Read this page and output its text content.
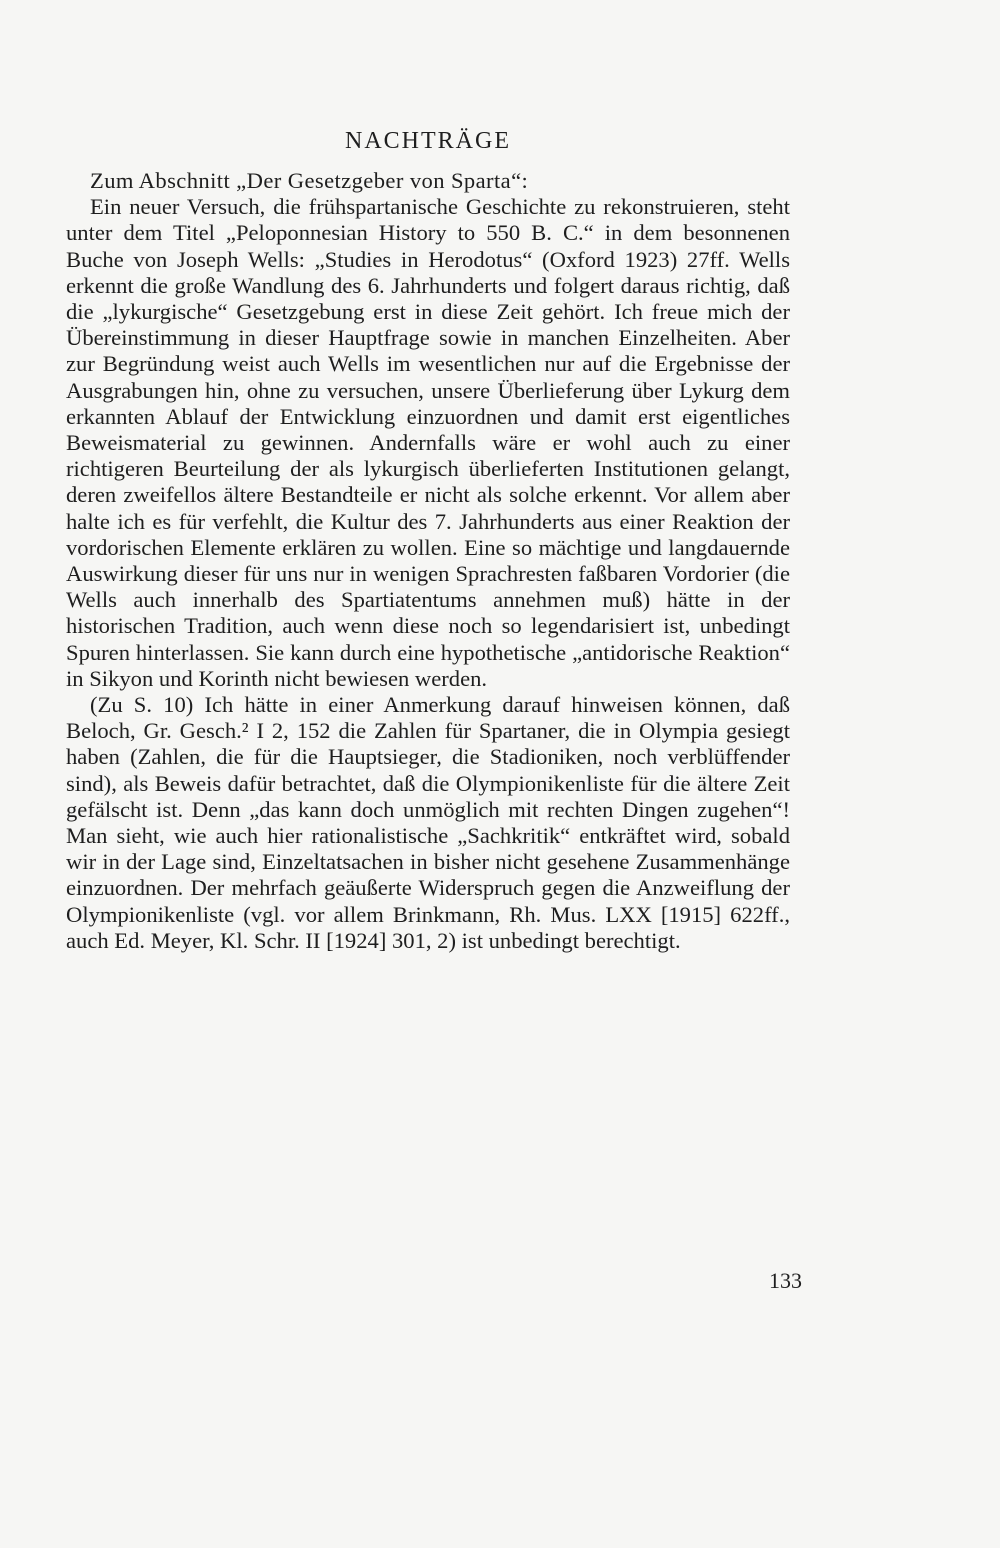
NACHTRÄGE

Zum Abschnitt „Der Gesetzgeber von Sparta“:

Ein neuer Versuch, die frühspartanische Geschichte zu rekonstruieren, steht unter dem Titel „Peloponnesian History to 550 B. C.“ in dem besonnenen Buche von Joseph Wells: „Studies in Herodotus“ (Oxford 1923) 27ff. Wells erkennt die große Wandlung des 6. Jahrhunderts und folgert daraus richtig, daß die „lykurgische“ Gesetzgebung erst in diese Zeit gehört. Ich freue mich der Übereinstimmung in dieser Hauptfrage sowie in manchen Einzelheiten. Aber zur Begründung weist auch Wells im wesentlichen nur auf die Ergebnisse der Ausgrabungen hin, ohne zu versuchen, unsere Überlieferung über Lykurg dem erkannten Ablauf der Entwicklung einzuordnen und damit erst eigentliches Beweismaterial zu gewinnen. Andernfalls wäre er wohl auch zu einer richtigeren Beurteilung der als lykurgisch überlieferten Institutionen gelangt, deren zweifellos ältere Bestandteile er nicht als solche erkennt. Vor allem aber halte ich es für verfehlt, die Kultur des 7. Jahrhunderts aus einer Reaktion der vordorischen Elemente erklären zu wollen. Eine so mächtige und langdauernde Auswirkung dieser für uns nur in wenigen Sprachresten faßbaren Vordorier (die Wells auch innerhalb des Spartiatentums annehmen muß) hätte in der historischen Tradition, auch wenn diese noch so legendarisiert ist, unbedingt Spuren hinterlassen. Sie kann durch eine hypothetische „antidorische Reaktion“ in Sikyon und Korinth nicht bewiesen werden.

(Zu S. 10) Ich hätte in einer Anmerkung darauf hinweisen können, daß Beloch, Gr. Gesch.² I 2, 152 die Zahlen für Spartaner, die in Olympia gesiegt haben (Zahlen, die für die Hauptsieger, die Stadioniken, noch verblüffender sind), als Beweis dafür betrachtet, daß die Olympionikenliste für die ältere Zeit gefälscht ist. Denn „das kann doch unmöglich mit rechten Dingen zugehen“! Man sieht, wie auch hier rationalistische „Sachkritik“ entkräftet wird, sobald wir in der Lage sind, Einzeltatsachen in bisher nicht gesehene Zusammenhänge einzuordnen. Der mehrfach geäußerte Widerspruch gegen die Anzweiflung der Olympionikenliste (vgl. vor allem Brinkmann, Rh. Mus. LXX [1915] 622ff., auch Ed. Meyer, Kl. Schr. II [1924] 301, 2) ist unbedingt berechtigt.

133
